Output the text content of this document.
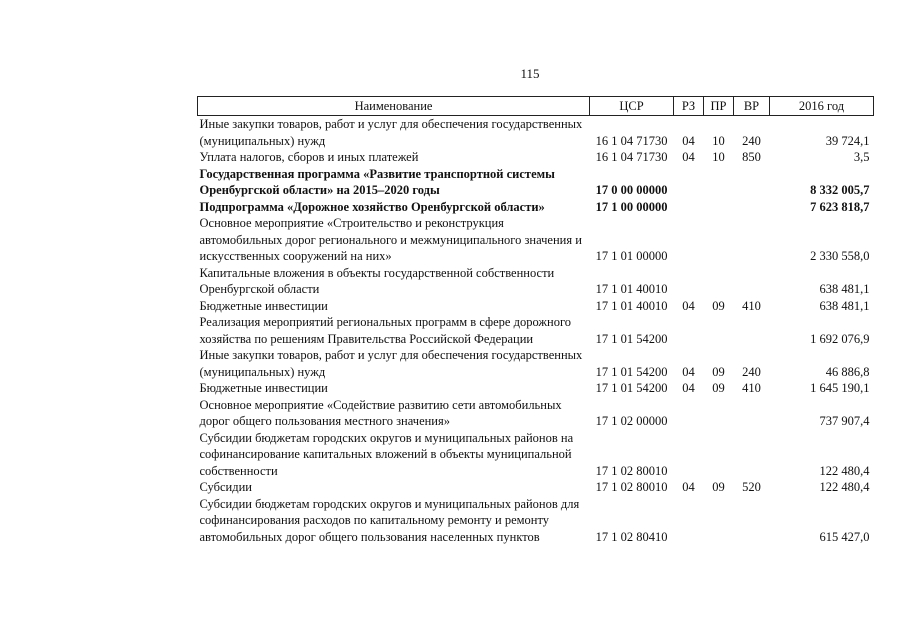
115
Наименование	ЦСР	РЗ	ПР	ВР	2016 год
Иные закупки товаров, работ и услуг для обеспечения государственных (муниципальных) нужд	16 1 04 71730	04	10	240	39 724,1
Уплата налогов, сборов и иных платежей	16 1 04 71730	04	10	850	3,5
Государственная программа «Развитие транспортной системы Оренбургской области» на 2015–2020 годы	17 0 00 00000				8 332 005,7
Подпрограмма «Дорожное хозяйство Оренбургской области»	17 1 00 00000				7 623 818,7
Основное мероприятие «Строительство и реконструкция автомобильных дорог регионального и межмуниципального значения и искусственных сооружений на них»	17 1 01 00000				2 330 558,0
Капитальные вложения в объекты государственной собственности Оренбургской области	17 1 01 40010				638 481,1
Бюджетные инвестиции	17 1 01 40010	04	09	410	638 481,1
Реализация мероприятий региональных программ в сфере дорожного хозяйства по решениям Правительства Российской Федерации	17 1 01 54200				1 692 076,9
Иные закупки товаров, работ и услуг для обеспечения государственных (муниципальных) нужд	17 1 01 54200	04	09	240	46 886,8
Бюджетные инвестиции	17 1 01 54200	04	09	410	1 645 190,1
Основное мероприятие «Содействие развитию сети автомобильных дорог общего пользования местного значения»	17 1 02 00000				737 907,4
Субсидии бюджетам городских округов и муниципальных районов на софинансирование капитальных вложений в объекты муниципальной собственности	17 1 02 80010				122 480,4
Субсидии	17 1 02 80010	04	09	520	122 480,4
Субсидии бюджетам городских округов и муниципальных районов для софинансирования расходов по капитальному ремонту и ремонту автомобильных дорог общего пользования населенных пунктов	17 1 02 80410				615 427,0
